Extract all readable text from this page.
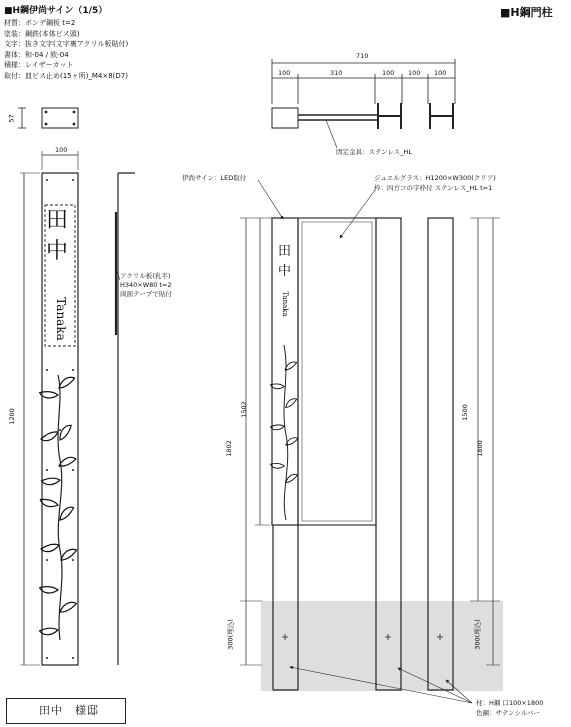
■H鋼伊尚サイン（1/5）	■H鋼門柱

材質：ボンデ鋼板 t=2

塗装：鋼鉄(本体ビス頭)

文字：抜き文字(文字裏アクリル板貼付)

書体：和-04 / 欧-04

積様：レイザーカット

取付：皿ビス止め(15ヶ所)_M4×8(D7)

710
100	310	100 100 100
57
100
1200
固定金具：ステンレス_HL
伊尚サイン：LED取付	ジュエルグラス：H1200×W300(クリア)
枠：四方コの字枠付 ステンレス_HL t=1
アクリル板(乳半)
H340×W80 t=2
両面テープで貼付
柱：H鋼 口100×1800
色鋼：サテンシルバー
田
中
Tanaka
田
中
Tanaka
1802
1502
300(埋込)
1500
1800
300(埋込)
田中　様邸
